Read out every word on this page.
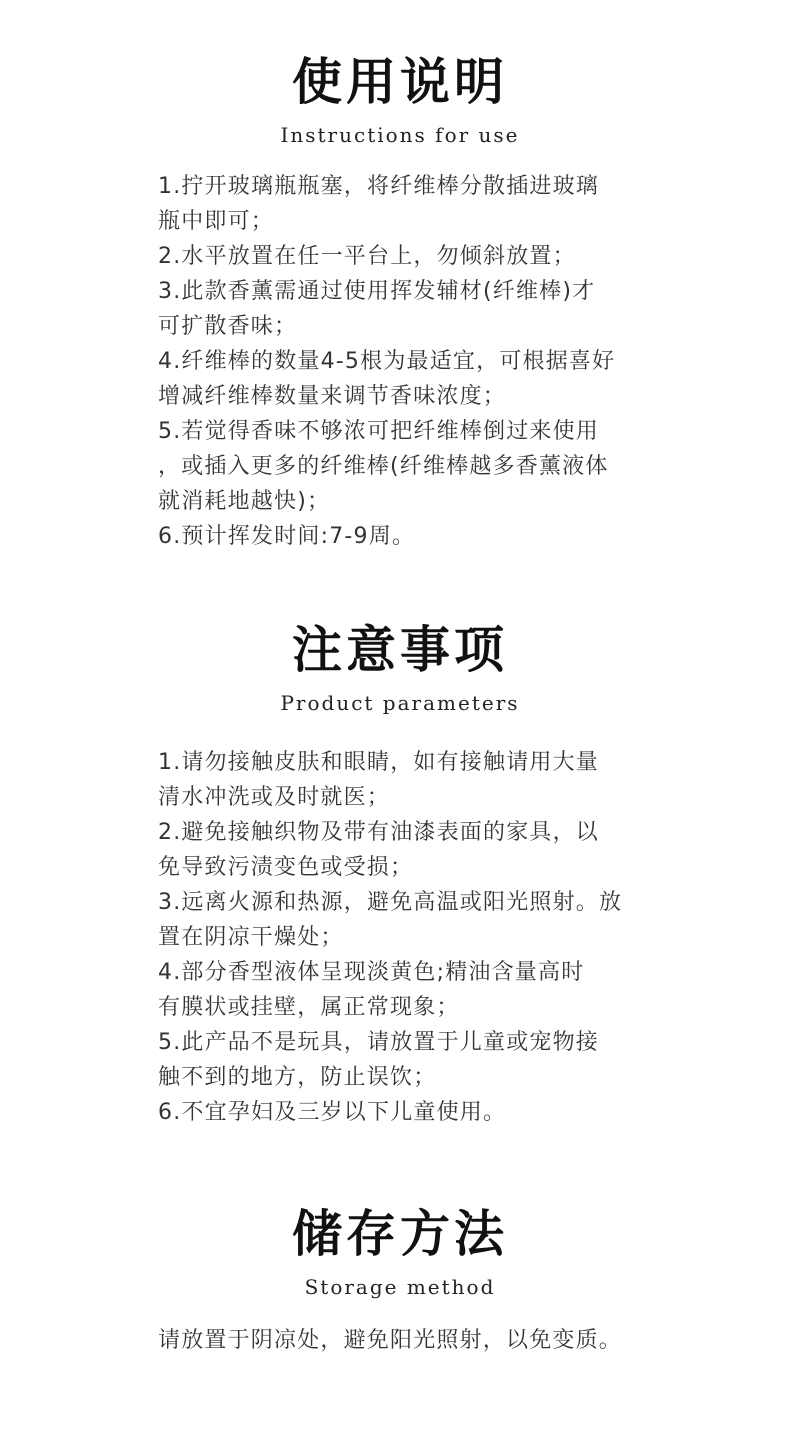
使用说明
Instructions for use
1.拧开玻璃瓶瓶塞，将纤维棒分散插进玻璃
瓶中即可；
2.水平放置在任一平台上，勿倾斜放置；
3.此款香薰需通过使用挥发辅材(纤维棒)才
可扩散香味；
4.纤维棒的数量4-5根为最适宜，可根据喜好
增减纤维棒数量来调节香味浓度；
5.若觉得香味不够浓可把纤维棒倒过来使用
，或插入更多的纤维棒(纤维棒越多香薰液体
就消耗地越快)；
6.预计挥发时间:7-9周。
注意事项
Product parameters
1.请勿接触皮肤和眼睛，如有接触请用大量
清水冲洗或及时就医；
2.避免接触织物及带有油漆表面的家具，以
免导致污渍变色或受损；
3.远离火源和热源，避免高温或阳光照射。放
置在阴凉干燥处；
4.部分香型液体呈现淡黄色;精油含量高时
有膜状或挂壁，属正常现象；
5.此产品不是玩具，请放置于儿童或宠物接
触不到的地方，防止误饮；
6.不宜孕妇及三岁以下儿童使用。
储存方法
Storage method
请放置于阴凉处，避免阳光照射，以免变质。
